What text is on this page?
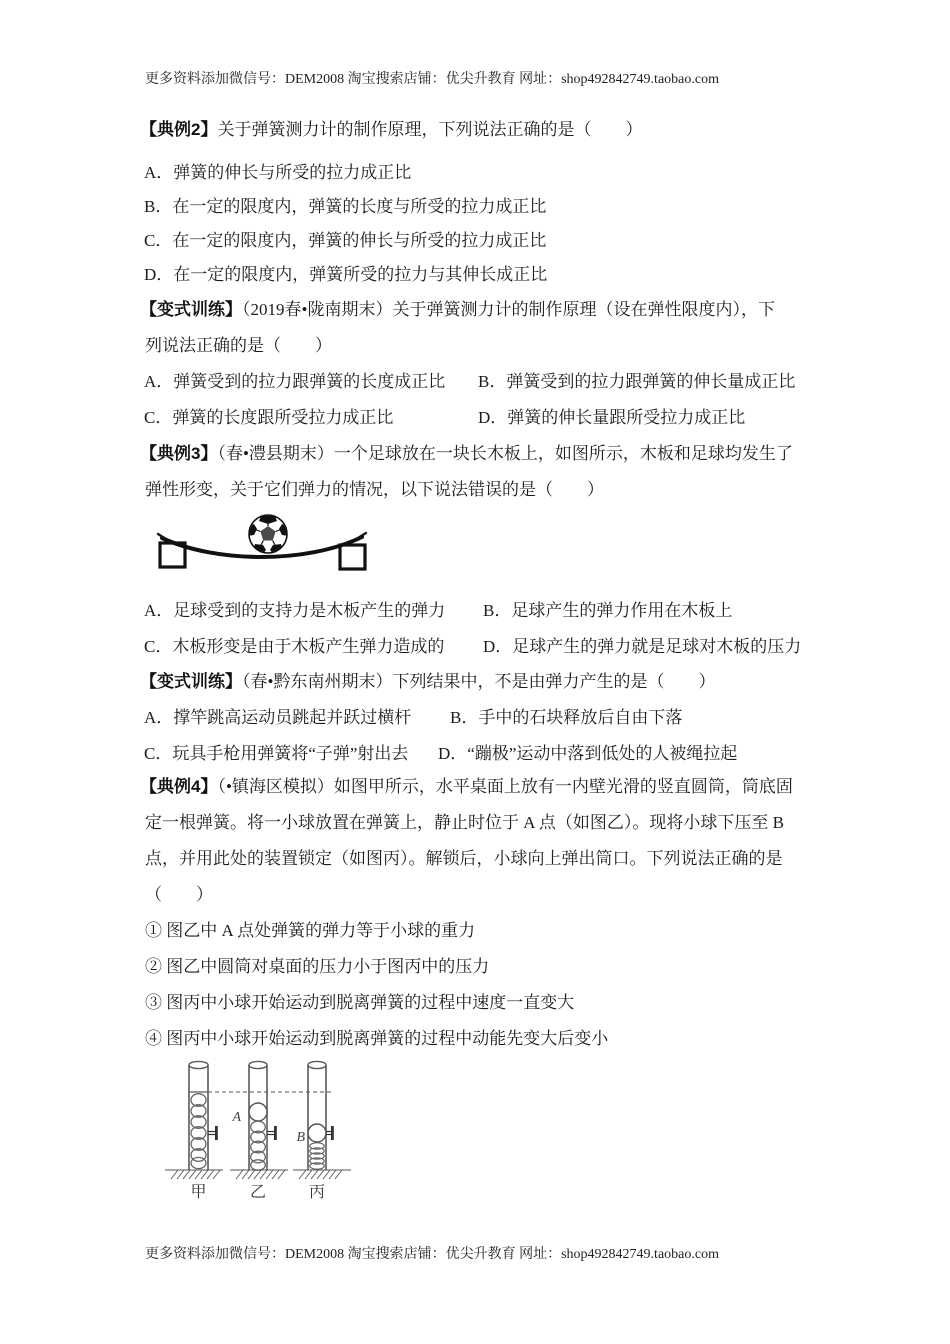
更多资料添加微信号：DEM2008 淘宝搜索店铺：优尖升教育 网址：shop492842749.taobao.com
【典例2】关于弹簧测力计的制作原理，下列说法正确的是（　　）
A．弹簧的伸长与所受的拉力成正比
B．在一定的限度内，弹簧的长度与所受的拉力成正比
C．在一定的限度内，弹簧的伸长与所受的拉力成正比
D．在一定的限度内，弹簧所受的拉力与其伸长成正比
【变式训练】（2019春•陇南期末）关于弹簧测力计的制作原理（设在弹性限度内），下
列说法正确的是（　　）
A．弹簧受到的拉力跟弹簧的长度成正比	B．弹簧受到的拉力跟弹簧的伸长量成正比
C．弹簧的长度跟所受拉力成正比	D．弹簧的伸长量跟所受拉力成正比
【典例3】（春•澧县期末）一个足球放在一块长木板上，如图所示，木板和足球均发生了
弹性形变，关于它们弹力的情况，以下说法错误的是（　　）
A．足球受到的支持力是木板产生的弹力	B．足球产生的弹力作用在木板上
C．木板形变是由于木板产生弹力造成的	D．足球产生的弹力就是足球对木板的压力
【变式训练】（春•黔东南州期末）下列结果中，不是由弹力产生的是（　　）
A．撑竿跳高运动员跳起并跃过横杆	B．手中的石块释放后自由下落
C．玩具手枪用弹簧将“子弹”射出去	D．“蹦极”运动中落到低处的人被绳拉起
【典例4】（•镇海区模拟）如图甲所示，水平桌面上放有一内壁光滑的竖直圆筒，筒底固
定一根弹簧。将一小球放置在弹簧上，静止时位于 A 点（如图乙）。现将小球下压至 B
点，并用此处的装置锁定（如图丙）。解锁后，小球向上弹出筒口。下列说法正确的是
（　　）
① 图乙中 A 点处弹簧的弹力等于小球的重力
② 图乙中圆筒对桌面的压力小于图丙中的压力
③ 图丙中小球开始运动到脱离弹簧的过程中速度一直变大
④ 图丙中小球开始运动到脱离弹簧的过程中动能先变大后变小
A
B
甲	乙	丙
更多资料添加微信号：DEM2008 淘宝搜索店铺：优尖升教育 网址：shop492842749.taobao.com
